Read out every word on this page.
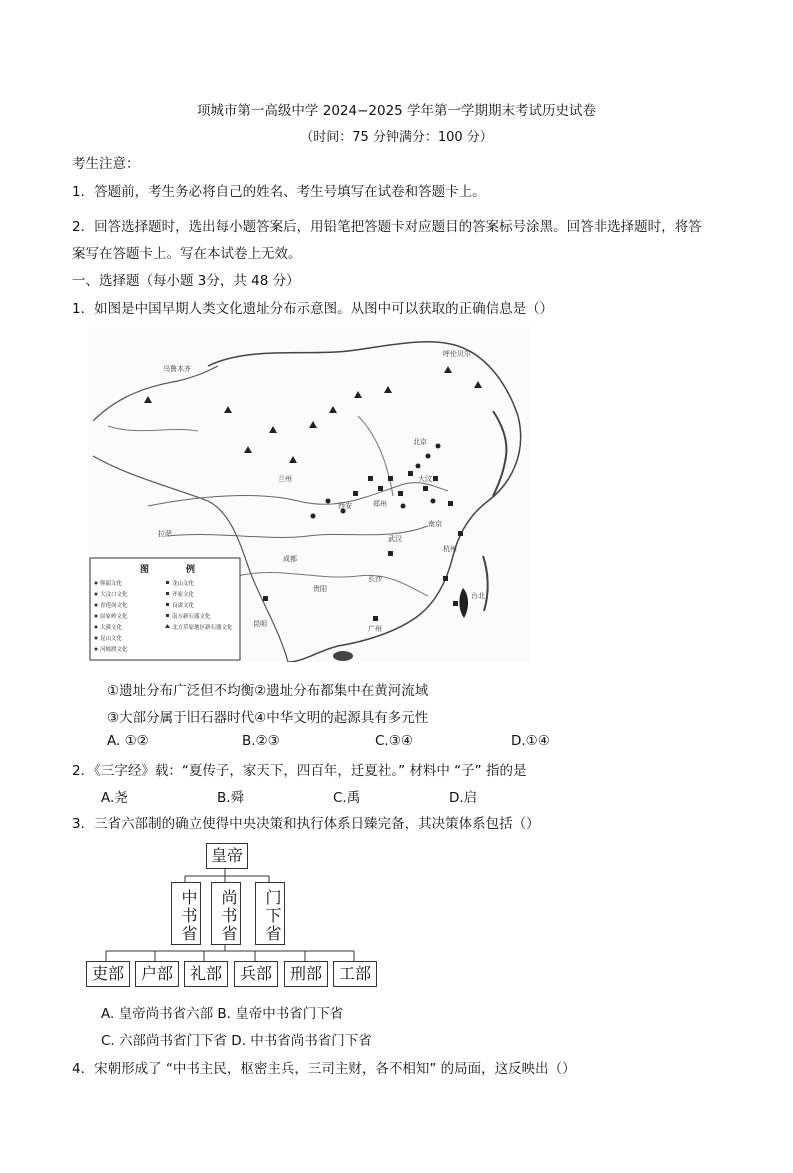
项城市第一高级中学 2024−2025 学年第一学期期末考试历史试卷
（时间：75 分钟满分：100 分）
考生注意：
1．答题前，考生务必将自己的姓名、考生号填写在试卷和答题卡上。
2．回答选择题时，选出每小题答案后，用铅笔把答题卡对应题目的答案标号涂黑。回答非选择题时，将答
案写在答题卡上。写在本试卷上无效。
一、选择题（每小题 3分，共 48 分）
1．如图是中国早期人类文化遗址分布示意图。从图中可以获取的正确信息是（）
呼伦贝尔
北京
大汶口
西安
成都
昆明
广州
杭州
南京
郑州
兰州
拉萨
乌鲁木齐
长沙
武汉
贵阳
台北
图	例
仰韶文化
大汶口文化
青莲岗文化
屈家岭文化
大溪文化
昆山文化
河姆渡文化
龙山文化
齐家文化
良渚文化
南方新石器文化
北方草原地区新石器文化
①遗址分布广泛但不均衡②遗址分布都集中在黄河流域
③大部分属于旧石器时代④中华文明的起源具有多元性
A. ①②	B.②③	C.③④	D.①④
2．《三字经》载：“夏传子，家天下，四百年，迁夏社。” 材料中 “子” 指的是
A.尧	B.舜	C.禹	D.启
3．三省六部制的确立使得中央决策和执行体系日臻完备，其决策体系包括（）
皇帝
中书省	尚书省	门下省
吏部	户部	礼部	兵部	刑部	工部
A. 皇帝尚书省六部 B. 皇帝中书省门下省
C. 六部尚书省门下省 D. 中书省尚书省门下省
4．宋朝形成了 “中书主民，枢密主兵，三司主财，各不相知” 的局面，这反映出（）
